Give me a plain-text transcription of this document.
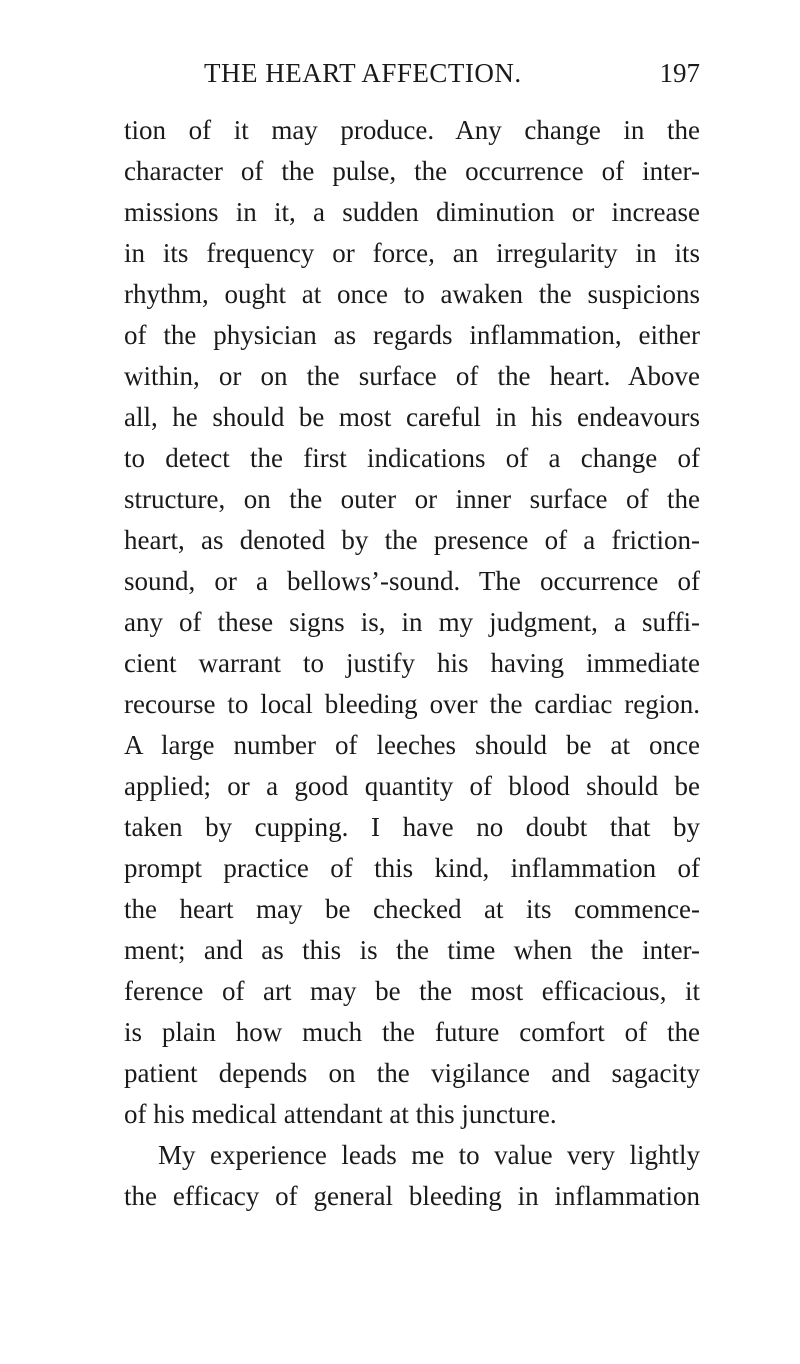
THE HEART AFFECTION.	197
tion of it may produce. Any change in the
character of the pulse, the occurrence of inter-
missions in it, a sudden diminution or increase
in its frequency or force, an irregularity in its
rhythm, ought at once to awaken the suspicions
of the physician as regards inflammation, either
within, or on the surface of the heart. Above
all, he should be most careful in his endeavours
to detect the first indications of a change of
structure, on the outer or inner surface of the
heart, as denoted by the presence of a friction-
sound, or a bellows’-sound. The occurrence of
any of these signs is, in my judgment, a suffi-
cient warrant to justify his having immediate
recourse to local bleeding over the cardiac region.
A large number of leeches should be at once
applied; or a good quantity of blood should be
taken by cupping. I have no doubt that by
prompt practice of this kind, inflammation of
the heart may be checked at its commence-
ment; and as this is the time when the inter-
ference of art may be the most efficacious, it
is plain how much the future comfort of the
patient depends on the vigilance and sagacity
of his medical attendant at this juncture.
My experience leads me to value very lightly
the efficacy of general bleeding in inflammation
